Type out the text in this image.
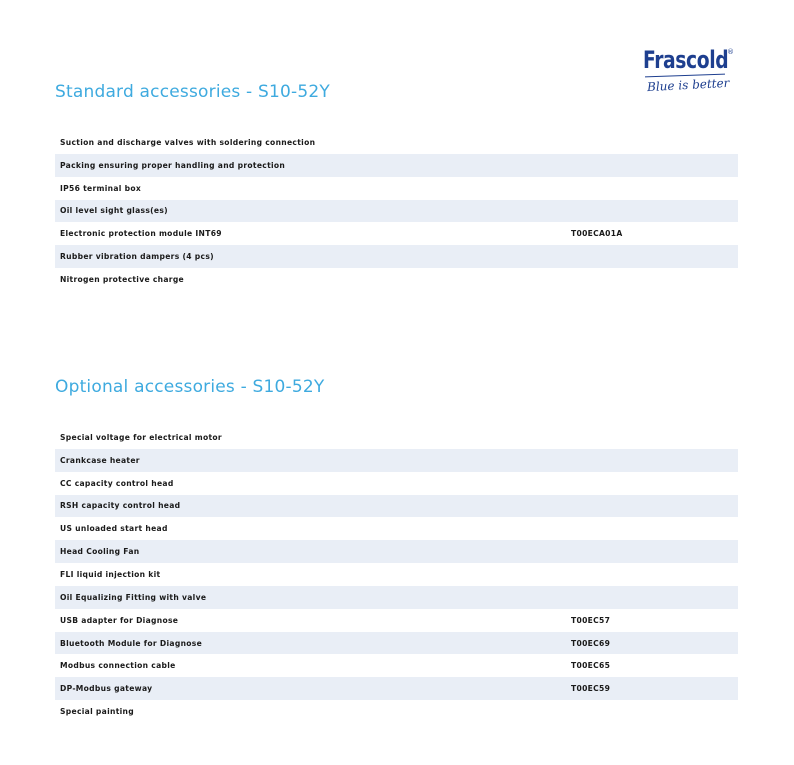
Frascold
®
Blue is better
Standard accessories - S10-52Y
Suction and discharge valves with soldering connection
Packing ensuring proper handling and protection
IP56 terminal box
Oil level sight glass(es)
Electronic protection module INT69	T00ECA01A
Rubber vibration dampers (4 pcs)
Nitrogen protective charge
Optional accessories - S10-52Y
Special voltage for electrical motor
Crankcase heater
CC capacity control head
RSH capacity control head
US unloaded start head
Head Cooling Fan
FLI liquid injection kit
Oil Equalizing Fitting with valve
USB adapter for Diagnose	T00EC57
Bluetooth Module for Diagnose	T00EC69
Modbus connection cable	T00EC65
DP-Modbus gateway	T00EC59
Special painting
